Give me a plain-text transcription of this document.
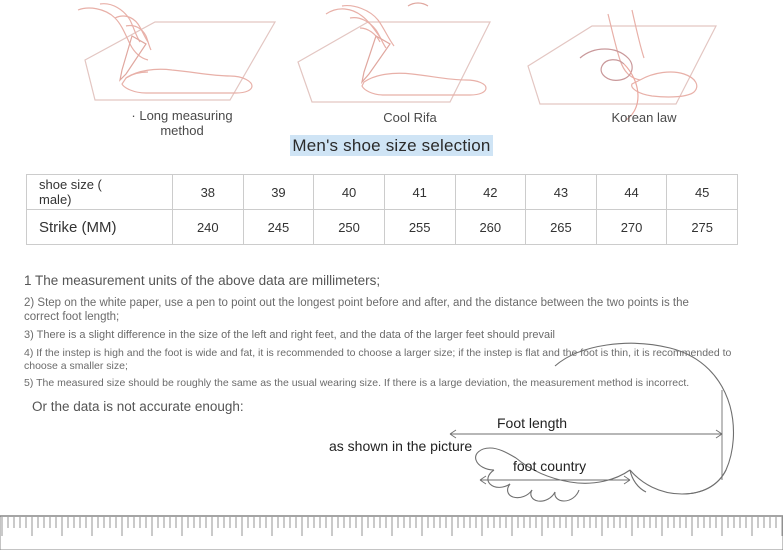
· Long measuring
method
Cool Rifa	Korean law
Men's shoe size selection
shoe size (
male)	38	39	40	41	42	43	44	45
Strike (MM)	240	245	250	255	260	265	270	275

1 The measurement units of the above data are millimeters;

2) Step on the white paper, use a pen to point out the longest point before and after, and the distance between the two points is the correct foot length;

3) There is a slight difference in the size of the left and right feet, and the data of the larger feet should prevail

4) If the instep is high and the foot is wide and fat, it is recommended to choose a larger size; if the instep is flat and the foot is thin, it is recommended to choose a smaller size;

5) The measured size should be roughly the same as the usual wearing size. If there is a large deviation, the measurement method is incorrect.

Or the data is not accurate enough:

Foot length
as shown in the picture
foot country
